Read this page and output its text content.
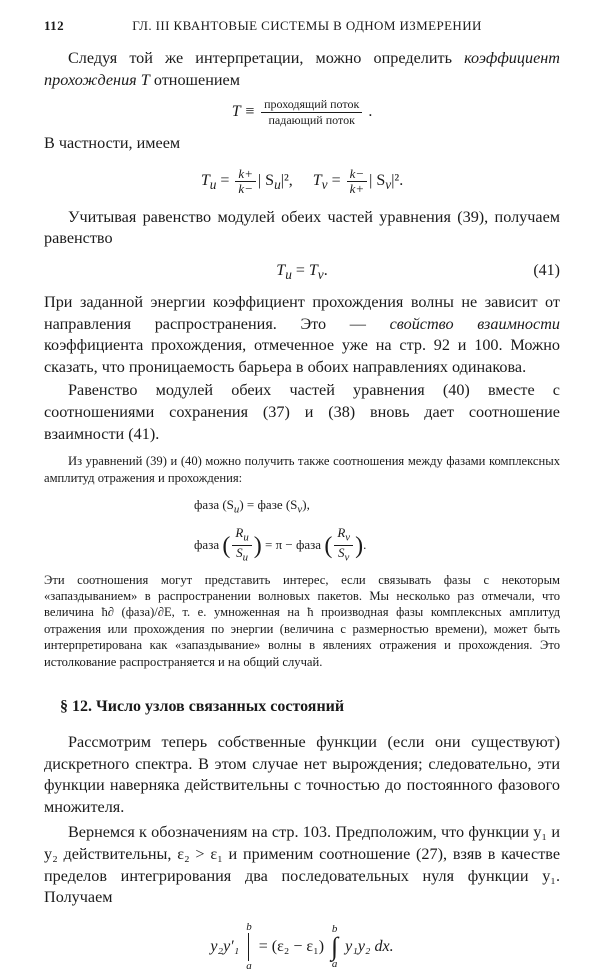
112	ГЛ. III КВАНТОВЫЕ СИСТЕМЫ В ОДНОМ ИЗМЕРЕНИИ

Следуя той же интерпретации, можно определить коэффициент прохождения T отношением

$T \equiv \frac{\text{проходящий поток}}{\text{падающий поток}}$ .

В частности, имеем

$T_u = \frac{k+}{k-}$ | $S_u|^2$, $T_v = \frac{k-}{k+}$ | $S_v|^2$.

Учитывая равенство модулей обеих частей уравнения (39), получаем равенство

$T_u = T_v$.	(41)

При заданной энергии коэффициент прохождения волны не зависит от направления распространения. Это — свойство взаимности коэффициента прохождения, отмеченное уже на стр. 92 и 100. Можно сказать, что проницаемость барьера в обоих направлениях одинакова.

Равенство модулей обеих частей уравнения (40) вместе с соотношениями сохранения (37) и (38) вновь дает соотношение взаимности (41).

Из уравнений (39) и (40) можно получить также соотношения между фазами комплексных амплитуд отражения и прохождения:

фаза $(S_u)$ = фазе $(S_v)$,
фаза ( $\frac{R_u}{S_u}$ ) = π − фаза ( $\frac{R_v}{S_v}$ ).

Эти соотношения могут представить интерес, если связывать фазы с некоторым «запаздыванием» в распространении волновых пакетов. Мы несколько раз отмечали, что величина ħ∂ (фаза)/∂E, т. е. умноженная на ħ производная фазы комплексных амплитуд отражения или прохождения по энергии (величина с размерностью времени), может быть интерпретирована как «запаздывание» волны в явлениях отражения и прохождения. Это истолкование распространяется и на общий случай.

§ 12. Число узлов связанных состояний

Рассмотрим теперь собственные функции (если они существуют) дискретного спектра. В этом случае нет вырождения; следовательно, эти функции наверняка действительны с точностью до постоянного фазового множителя.

Вернемся к обозначениям на стр. 103. Предположим, что функции y₁ и y₂ действительны, ε₂ > ε₁ и применим соотношение (27), взяв в качестве пределов интегрирования два последовательных нуля функции y₁. Получаем

y₂y′₁
b
a
= (ε₂ − ε₁)
b
∫
a
y₁y₂ dx.
